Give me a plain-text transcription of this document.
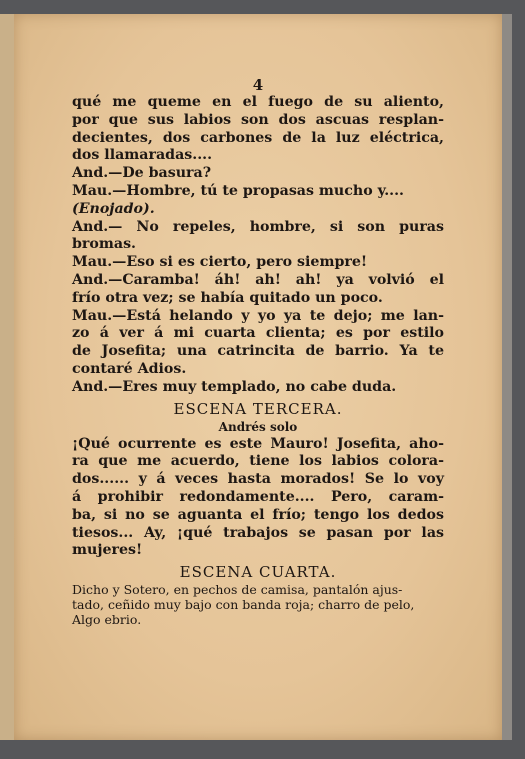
4
qué me queme en el fuego de su aliento,
por que sus labios son dos ascuas resplan-
decientes, dos carbones de la luz eléctrica,
dos llamaradas....
And.—De basura?
Mau.—Hombre, tú te propasas mucho y....
(Enojado).
And.— No repeles, hombre, si son puras
bromas.
Mau.—Eso si es cierto, pero siempre!
And.—Caramba! áh! ah! ah! ya volvió el
frío otra vez; se había quitado un poco.
Mau.—Está helando y yo ya te dejo; me lan-
zo á ver á mi cuarta clienta; es por estilo
de Josefita; una catrincita de barrio. Ya te
contaré Adios.
And.—Eres muy templado, no cabe duda.
ESCENA TERCERA.
Andrés solo
¡Qué ocurrente es este Mauro! Josefita, aho-
ra que me acuerdo, tiene los labios colora-
dos...... y á veces hasta morados! Se lo voy
á prohibir redondamente.... Pero, caram-
ba, si no se aguanta el frío; tengo los dedos
tiesos... Ay, ¡qué trabajos se pasan por las
mujeres!
ESCENA CUARTA.
Dicho y Sotero, en pechos de camisa, pantalón ajus-
tado, ceñido muy bajo con banda roja; charro de pelo,
Algo ebrio.
